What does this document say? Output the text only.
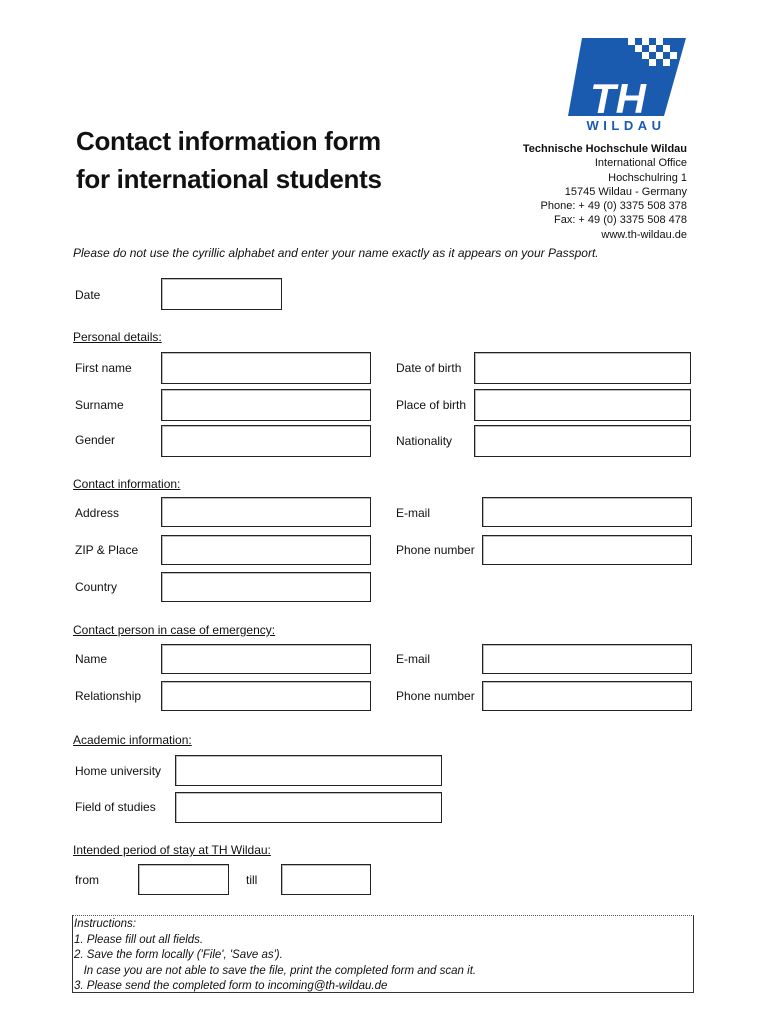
Contact information form
for international students
TH
WILDAU
Technische Hochschule Wildau
International Office
Hochschulring 1
15745 Wildau - Germany
Phone: + 49 (0) 3375 508 378
Fax: + 49 (0) 3375 508 478
www.th-wildau.de
Please do not use the cyrillic alphabet and enter your name exactly as it appears on your Passport.
Date
Personal details:
First name	Date of birth
Surname	Place of birth
Gender	Nationality
Contact information:
Address	E-mail
ZIP & Place	Phone number
Country
Contact person in case of emergency:
Name	E-mail
Relationship	Phone number
Academic information:
Home university
Field of studies
Intended period of stay at TH Wildau:
from	till
Instructions:
1. Please fill out all fields.
2. Save the form locally ('File', 'Save as').
In case you are not able to save the file, print the completed form and scan it.
3. Please send the completed form to incoming@th-wildau.de
